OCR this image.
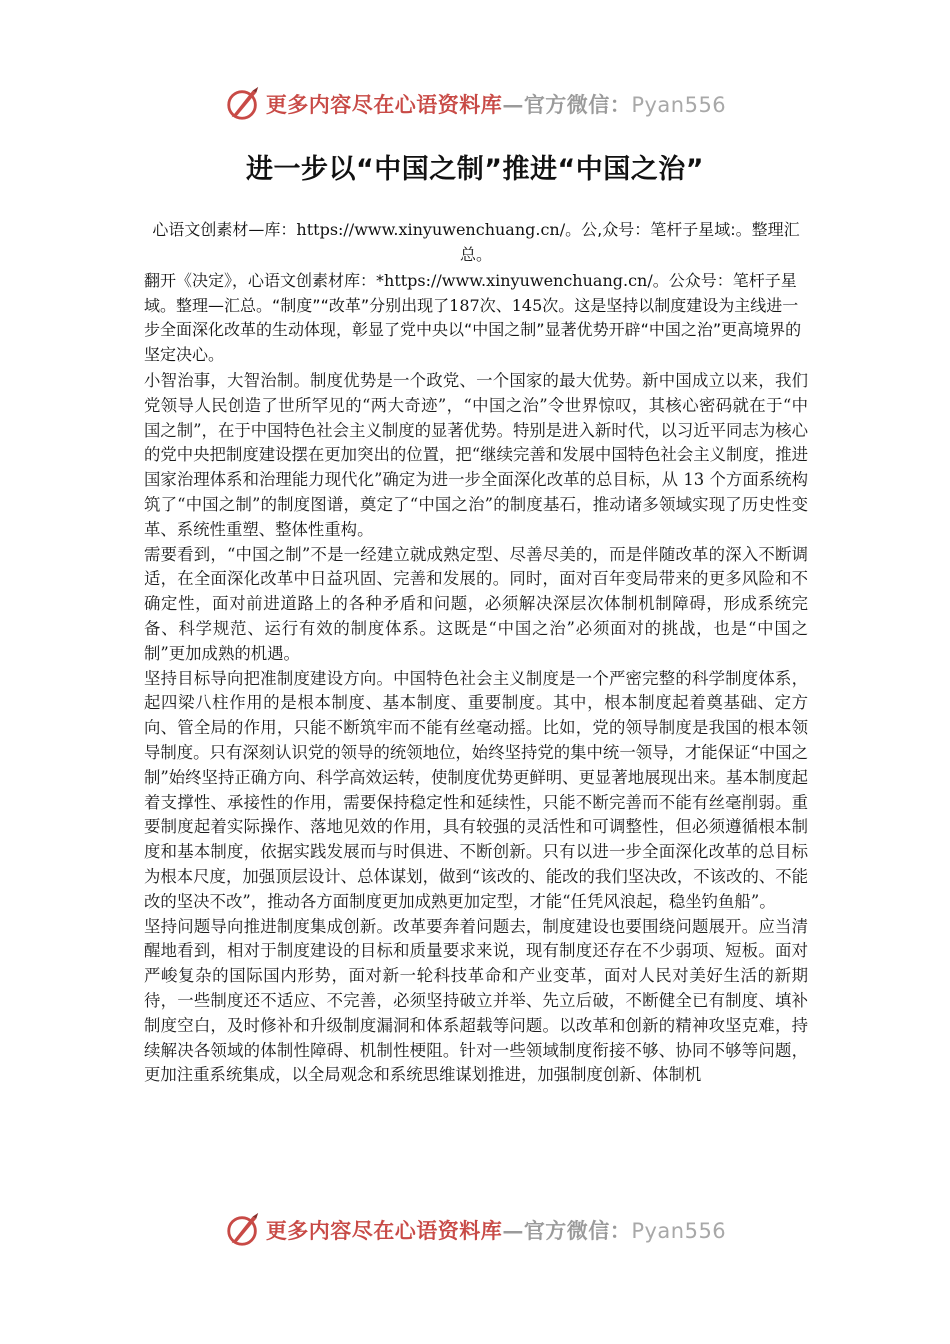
更多内容尽在心语资料库—官方微信：Pyan556
进一步以“中国之制”推进“中国之治”

心语文创素材—库：https://www.xinyuwenchuang.cn/。公,众号：笔杆子星域:。整理汇总。

翻开《决定》，心语文创素材库：*https://www.xinyuwenchuang.cn/。公众号：笔杆子星域。整理—汇总。“制度”“改革”分别出现了187次、145次。这是坚持以制度建设为主线进一步全面深化改革的生动体现，彰显了党中央以“中国之制”显著优势开辟“中国之治”更高境界的坚定决心。

小智治事，大智治制。制度优势是一个政党、一个国家的最大优势。新中国成立以来，我们党领导人民创造了世所罕见的“两大奇迹”，“中国之治”令世界惊叹，其核心密码就在于“中国之制”，在于中国特色社会主义制度的显著优势。特别是进入新时代，以习近平同志为核心的党中央把制度建设摆在更加突出的位置，把“继续完善和发展中国特色社会主义制度，推进国家治理体系和治理能力现代化”确定为进一步全面深化改革的总目标，从 13 个方面系统构筑了“中国之制”的制度图谱，奠定了“中国之治”的制度基石，推动诸多领域实现了历史性变革、系统性重塑、整体性重构。

需要看到，“中国之制”不是一经建立就成熟定型、尽善尽美的，而是伴随改革的深入不断调适，在全面深化改革中日益巩固、完善和发展的。同时，面对百年变局带来的更多风险和不确定性，面对前进道路上的各种矛盾和问题，必须解决深层次体制机制障碍，形成系统完备、科学规范、运行有效的制度体系。这既是“中国之治”必须面对的挑战，也是“中国之制”更加成熟的机遇。

坚持目标导向把准制度建设方向。中国特色社会主义制度是一个严密完整的科学制度体系，起四梁八柱作用的是根本制度、基本制度、重要制度。其中，根本制度起着奠基础、定方向、管全局的作用，只能不断筑牢而不能有丝毫动摇。比如，党的领导制度是我国的根本领导制度。只有深刻认识党的领导的统领地位，始终坚持党的集中统一领导，才能保证“中国之制”始终坚持正确方向、科学高效运转，使制度优势更鲜明、更显著地展现出来。基本制度起着支撑性、承接性的作用，需要保持稳定性和延续性，只能不断完善而不能有丝毫削弱。重要制度起着实际操作、落地见效的作用，具有较强的灵活性和可调整性，但必须遵循根本制度和基本制度，依据实践发展而与时俱进、不断创新。只有以进一步全面深化改革的总目标为根本尺度，加强顶层设计、总体谋划，做到“该改的、能改的我们坚决改，不该改的、不能改的坚决不改”，推动各方面制度更加成熟更加定型，才能“任凭风浪起，稳坐钓鱼船”。

坚持问题导向推进制度集成创新。改革要奔着问题去，制度建设也要围绕问题展开。应当清醒地看到，相对于制度建设的目标和质量要求来说，现有制度还存在不少弱项、短板。面对严峻复杂的国际国内形势，面对新一轮科技革命和产业变革，面对人民对美好生活的新期待，一些制度还不适应、不完善，必须坚持破立并举、先立后破，不断健全已有制度、填补制度空白，及时修补和升级制度漏洞和体系超载等问题。以改革和创新的精神攻坚克难，持续解决各领域的体制性障碍、机制性梗阻。针对一些领域制度衔接不够、协同不够等问题，更加注重系统集成，以全局观念和系统思维谋划推进，加强制度创新、体制机

更多内容尽在心语资料库—官方微信：Pyan556
